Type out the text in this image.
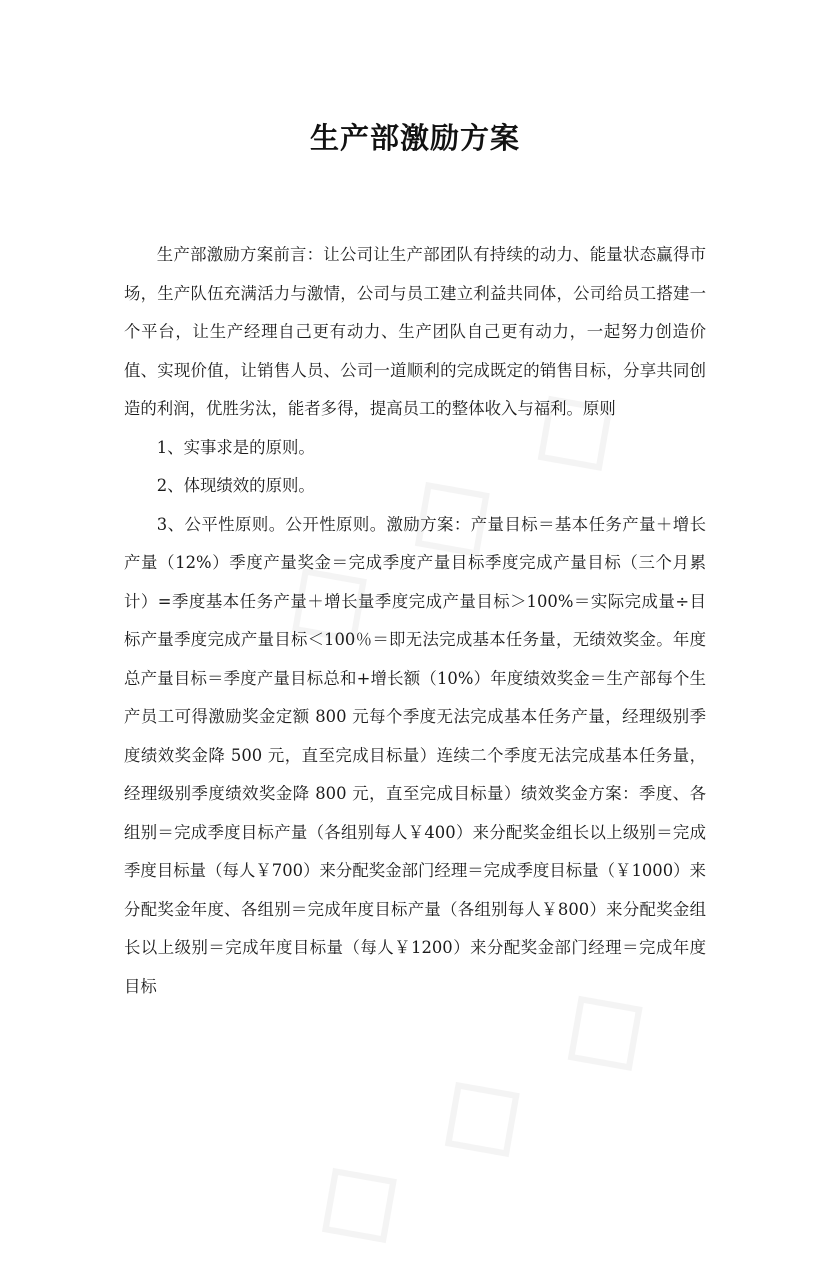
生产部激励方案

生产部激励方案前言：让公司让生产部团队有持续的动力、能量状态赢得市场，生产队伍充满活力与激情，公司与员工建立利益共同体，公司给员工搭建一个平台，让生产经理自己更有动力、生产团队自己更有动力，一起努力创造价值、实现价值，让销售人员、公司一道顺利的完成既定的销售目标，分享共同创造的利润，优胜劣汰，能者多得，提高员工的整体收入与福利。原则

1、实事求是的原则。

2、体现绩效的原则。

3、公平性原则。公开性原则。激励方案：产量目标＝基本任务产量＋增长产量（12%）季度产量奖金＝完成季度产量目标季度完成产量目标（三个月累计）=季度基本任务产量＋增长量季度完成产量目标＞100%＝实际完成量÷目标产量季度完成产量目标＜100％＝即无法完成基本任务量，无绩效奖金。年度总产量目标＝季度产量目标总和+增长额（10%）年度绩效奖金＝生产部每个生产员工可得激励奖金定额 800 元每个季度无法完成基本任务产量，经理级别季度绩效奖金降 500 元，直至完成目标量）连续二个季度无法完成基本任务量，经理级别季度绩效奖金降 800 元，直至完成目标量）绩效奖金方案：季度、各组别＝完成季度目标产量（各组别每人￥400）来分配奖金组长以上级别＝完成季度目标量（每人￥700）来分配奖金部门经理＝完成季度目标量（￥1000）来分配奖金年度、各组别＝完成年度目标产量（各组别每人￥800）来分配奖金组长以上级别＝完成年度目标量（每人￥1200）来分配奖金部门经理＝完成年度目标
